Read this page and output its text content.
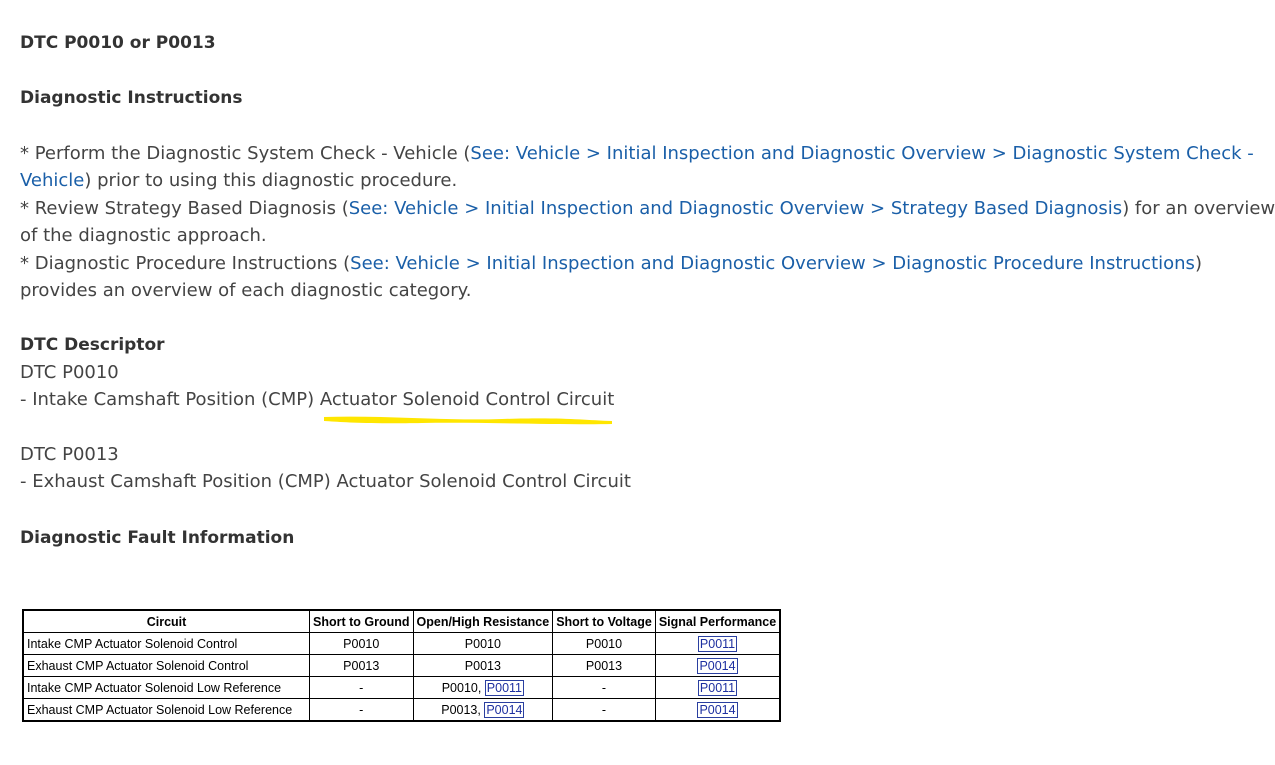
DTC P0010 or P0013
Diagnostic Instructions
* Perform the Diagnostic System Check - Vehicle (See: Vehicle > Initial Inspection and Diagnostic Overview > Diagnostic System Check -
Vehicle) prior to using this diagnostic procedure.
* Review Strategy Based Diagnosis (See: Vehicle > Initial Inspection and Diagnostic Overview > Strategy Based Diagnosis) for an overview
of the diagnostic approach.
* Diagnostic Procedure Instructions (See: Vehicle > Initial Inspection and Diagnostic Overview > Diagnostic Procedure Instructions)
provides an overview of each diagnostic category.
DTC Descriptor
DTC P0010
- Intake Camshaft Position (CMP) Actuator Solenoid Control Circuit
DTC P0013
- Exhaust Camshaft Position (CMP) Actuator Solenoid Control Circuit
Diagnostic Fault Information
Circuit	Short to Ground	Open/High Resistance	Short to Voltage	Signal Performance
Intake CMP Actuator Solenoid Control	P0010	P0010	P0010	P0011
Exhaust CMP Actuator Solenoid Control	P0013	P0013	P0013	P0014
Intake CMP Actuator Solenoid Low Reference	-	P0010, P0011	-	P0011
Exhaust CMP Actuator Solenoid Low Reference	-	P0013, P0014	-	P0014
